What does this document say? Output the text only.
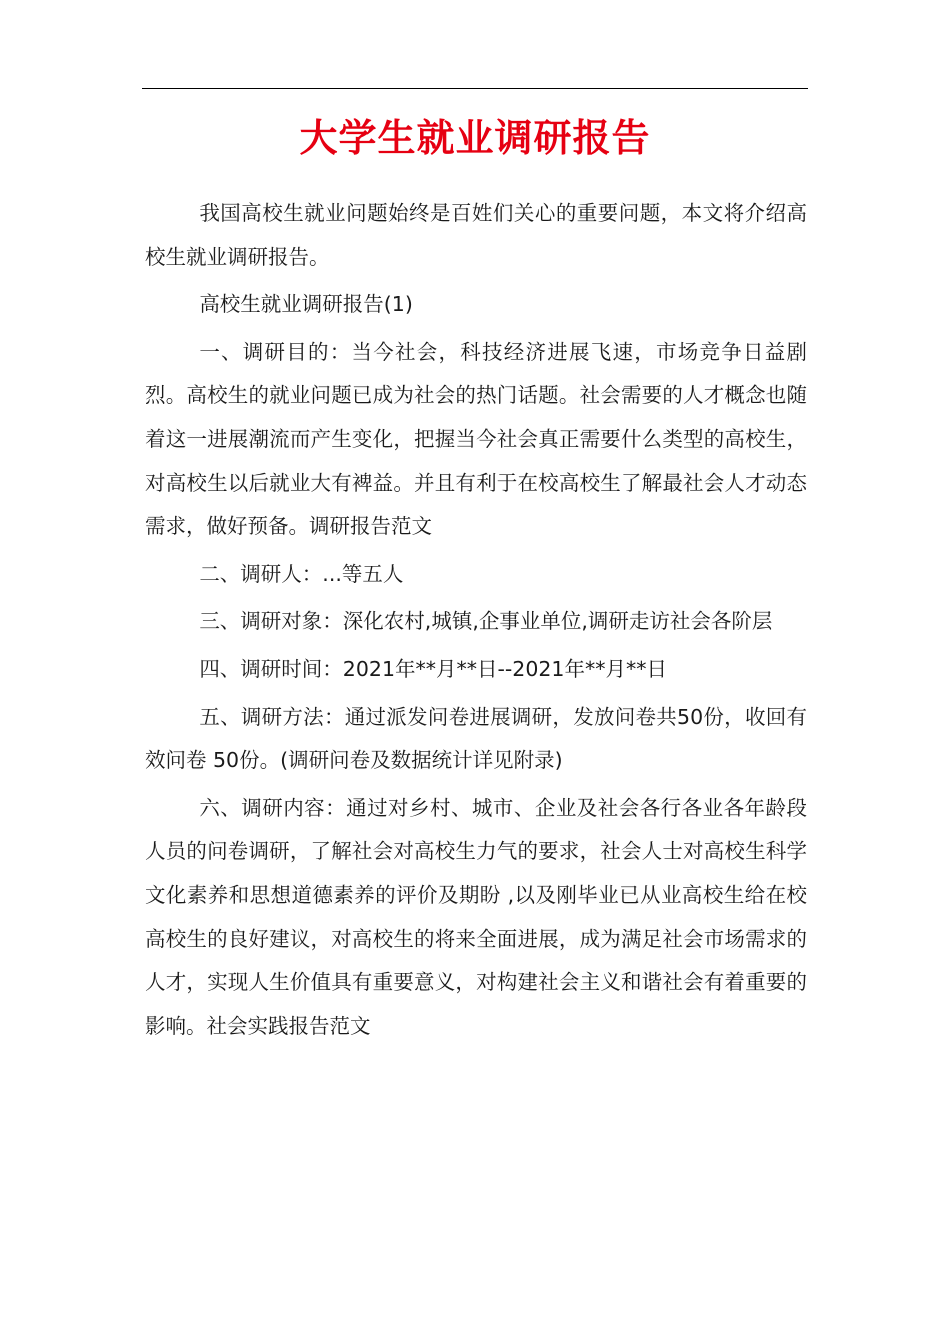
大学生就业调研报告

我国高校生就业问题始终是百姓们关心的重要问题，本文将介绍高校生就业调研报告。

高校生就业调研报告(1)

一、调研目的：当今社会，科技经济进展飞速，市场竞争日益剧烈。高校生的就业问题已成为社会的热门话题。社会需要的人才概念也随着这一进展潮流而产生变化，把握当今社会真正需要什么类型的高校生，对高校生以后就业大有裨益。并且有利于在校高校生了解最社会人才动态需求，做好预备。调研报告范文

二、调研人：...等五人

三、调研对象：深化农村,城镇,企事业单位,调研走访社会各阶层

四、调研时间：2021年**月**日--2021年**月**日

五、调研方法：通过派发问卷进展调研，发放问卷共50份，收回有效问卷 50份。(调研问卷及数据统计详见附录)

六、调研内容：通过对乡村、城市、企业及社会各行各业各年龄段人员的问卷调研，了解社会对高校生力气的要求，社会人士对高校生科学文化素养和思想道德素养的评价及期盼 ,以及刚毕业已从业高校生给在校高校生的良好建议，对高校生的将来全面进展，成为满足社会市场需求的人才，实现人生价值具有重要意义，对构建社会主义和谐社会有着重要的影响。社会实践报告范文
